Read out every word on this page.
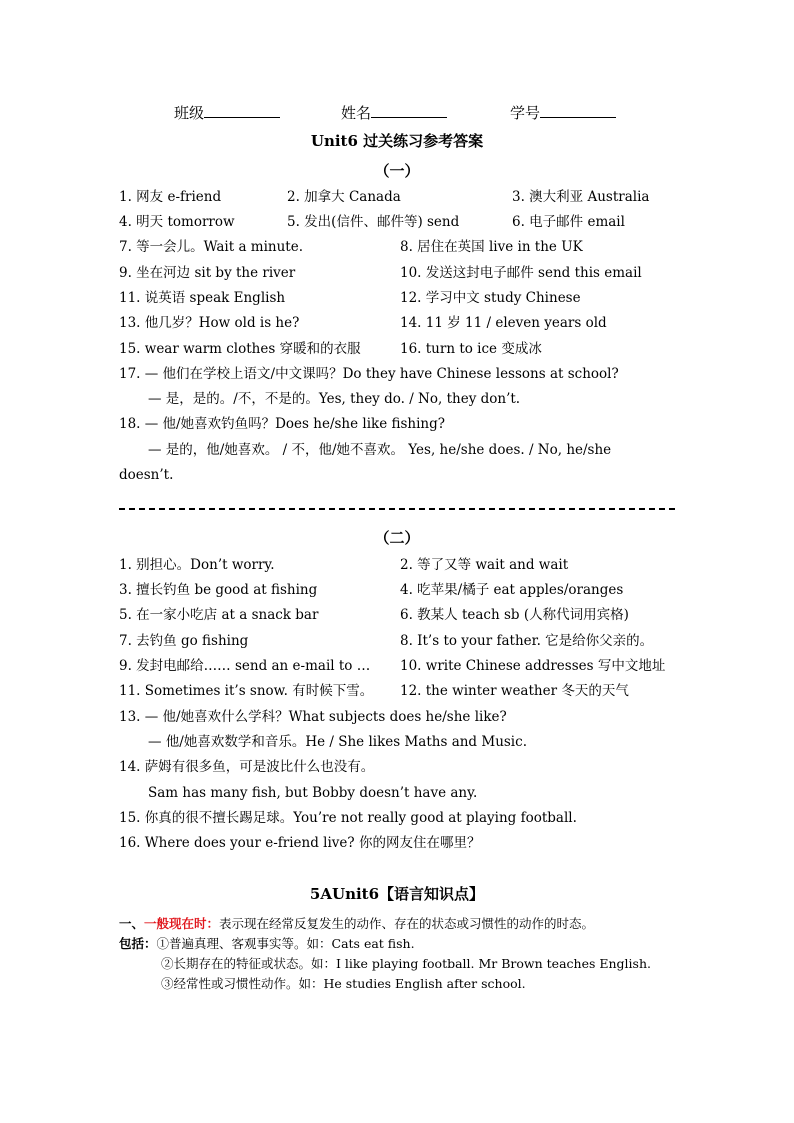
班级	姓名	学号
Unit6 过关练习参考答案
（一）
1. 网友 e-friend	2. 加拿大 Canada	3. 澳大利亚 Australia
4. 明天 tomorrow	5. 发出(信件、邮件等) send	6. 电子邮件 email
7. 等一会儿。Wait a minute.	8. 居住在英国 live in the UK
9. 坐在河边 sit by the river	10. 发送这封电子邮件 send this email
11. 说英语 speak English	12. 学习中文 study Chinese
13. 他几岁？How old is he?	14. 11 岁 11 / eleven years old
15. wear warm clothes 穿暖和的衣服	16. turn to ice 变成冰
17. — 他们在学校上语文/中文课吗？Do they have Chinese lessons at school?
— 是，是的。/不，不是的。Yes, they do. / No, they don’t.
18. — 他/她喜欢钓鱼吗？Does he/she like fishing?
— 是的，他/她喜欢。 / 不，他/她不喜欢。 Yes, he/she does. / No, he/she
doesn’t.
（二）
1. 别担心。Don’t worry.	2. 等了又等 wait and wait
3. 擅长钓鱼 be good at fishing	4. 吃苹果/橘子 eat apples/oranges
5. 在一家小吃店 at a snack bar	6. 教某人 teach sb (人称代词用宾格)
7. 去钓鱼 go fishing	8. It’s to your father. 它是给你父亲的。
9. 发封电邮给…… send an e-mail to … 10. write Chinese addresses 写中文地址
11. Sometimes it’s snow. 有时候下雪。 12. the winter weather 冬天的天气
13. — 他/她喜欢什么学科？What subjects does he/she like?
— 他/她喜欢数学和音乐。He / She likes Maths and Music.
14. 萨姆有很多鱼，可是波比什么也没有。
Sam has many fish, but Bobby doesn’t have any.
15. 你真的很不擅长踢足球。You’re not really good at playing football.
16. Where does your e-friend live? 你的网友住在哪里？
5AUnit6【语言知识点】
一、一般现在时：表示现在经常反复发生的动作、存在的状态或习惯性的动作的时态。
包括：①普遍真理、客观事实等。如：Cats eat fish.
②长期存在的特征或状态。如：I like playing football. Mr Brown teaches English.
③经常性或习惯性动作。如：He studies English after school.
